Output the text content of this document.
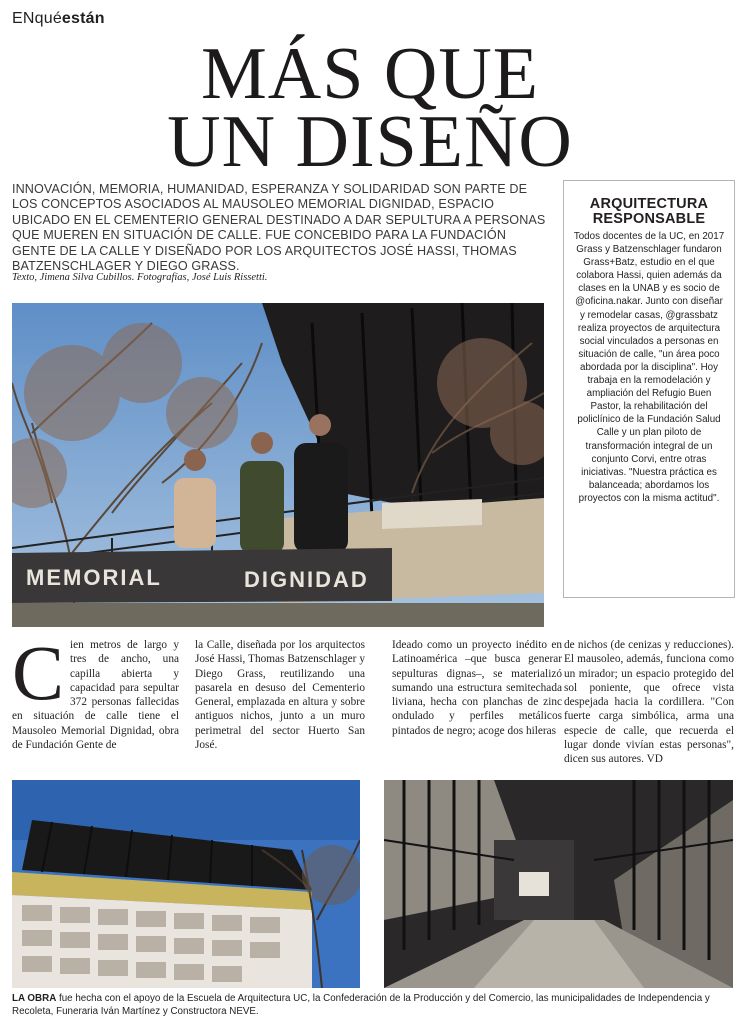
ENquéestán
MÁS QUE
UN DISEÑO

INNOVACIÓN, MEMORIA, HUMANIDAD, ESPERANZA Y SOLIDARIDAD SON PARTE DE LOS CONCEPTOS ASOCIADOS AL MAUSOLEO MEMORIAL DIGNIDAD, ESPACIO UBICADO EN EL CEMENTERIO GENERAL DESTINADO A DAR SEPULTURA A PERSONAS QUE MUEREN EN SITUACIÓN DE CALLE. FUE CONCEBIDO PARA LA FUNDACIÓN GENTE DE LA CALLE Y DISEÑADO POR LOS ARQUITECTOS JOSÉ HASSI, THOMAS BATZENSCHLAGER Y DIEGO GRASS.

Texto, Jimena Silva Cubillos. Fotografías, José Luis Rissetti.

ARQUITECTURA RESPONSABLE
Todos docentes de la UC, en 2017 Grass y Batzenschlager fundaron Grass+Batz, estudio en el que colabora Hassi, quien además da clases en la UNAB y es socio de @oficina.nakar. Junto con diseñar y remodelar casas, @grassbatz realiza proyectos de arquitectura social vinculados a personas en situación de calle, "un área poco abordada por la disciplina". Hoy trabaja en la remodelación y ampliación del Refugio Buen Pastor, la rehabilitación del policlínico de la Fundación Salud Calle y un plan piloto de transformación integral de un conjunto Corvi, entre otras iniciativas. "Nuestra práctica es balanceada; abordamos los proyectos con la misma actitud".
MEMORIAL	DIGNIDAD
Cien metros de largo y tres de ancho, una capilla abierta y capacidad para sepultar 372 personas fallecidas en situación de calle tiene el Mausoleo Memorial Dignidad, obra de Fundación Gente de
la Calle, diseñada por los arquitectos José Hassi, Thomas Batzenschlager y Diego Grass, reutilizando una pasarela en desuso del Cementerio General, emplazada en altura y sobre antiguos nichos, junto a un muro perimetral del sector Huerto San José.
Ideado como un proyecto inédito en Latinoamérica –que busca generar sepulturas dignas–, se materializó sumando una estructura semitechada liviana, hecha con planchas de zinc ondulado y perfiles metálicos pintados de negro; acoge dos hileras
de nichos (de cenizas y reducciones). El mausoleo, además, funciona como un mirador; un espacio protegido del sol poniente, que ofrece vista despejada hacia la cordillera. "Con fuerte carga simbólica, arma una especie de calle, que recuerda el lugar donde vivían estas personas", dicen sus autores. VD

LA OBRA fue hecha con el apoyo de la Escuela de Arquitectura UC, la Confederación de la Producción y del Comercio, las municipalidades de Independencia y Recoleta, Funeraria Iván Martínez y Constructora NEVE.
